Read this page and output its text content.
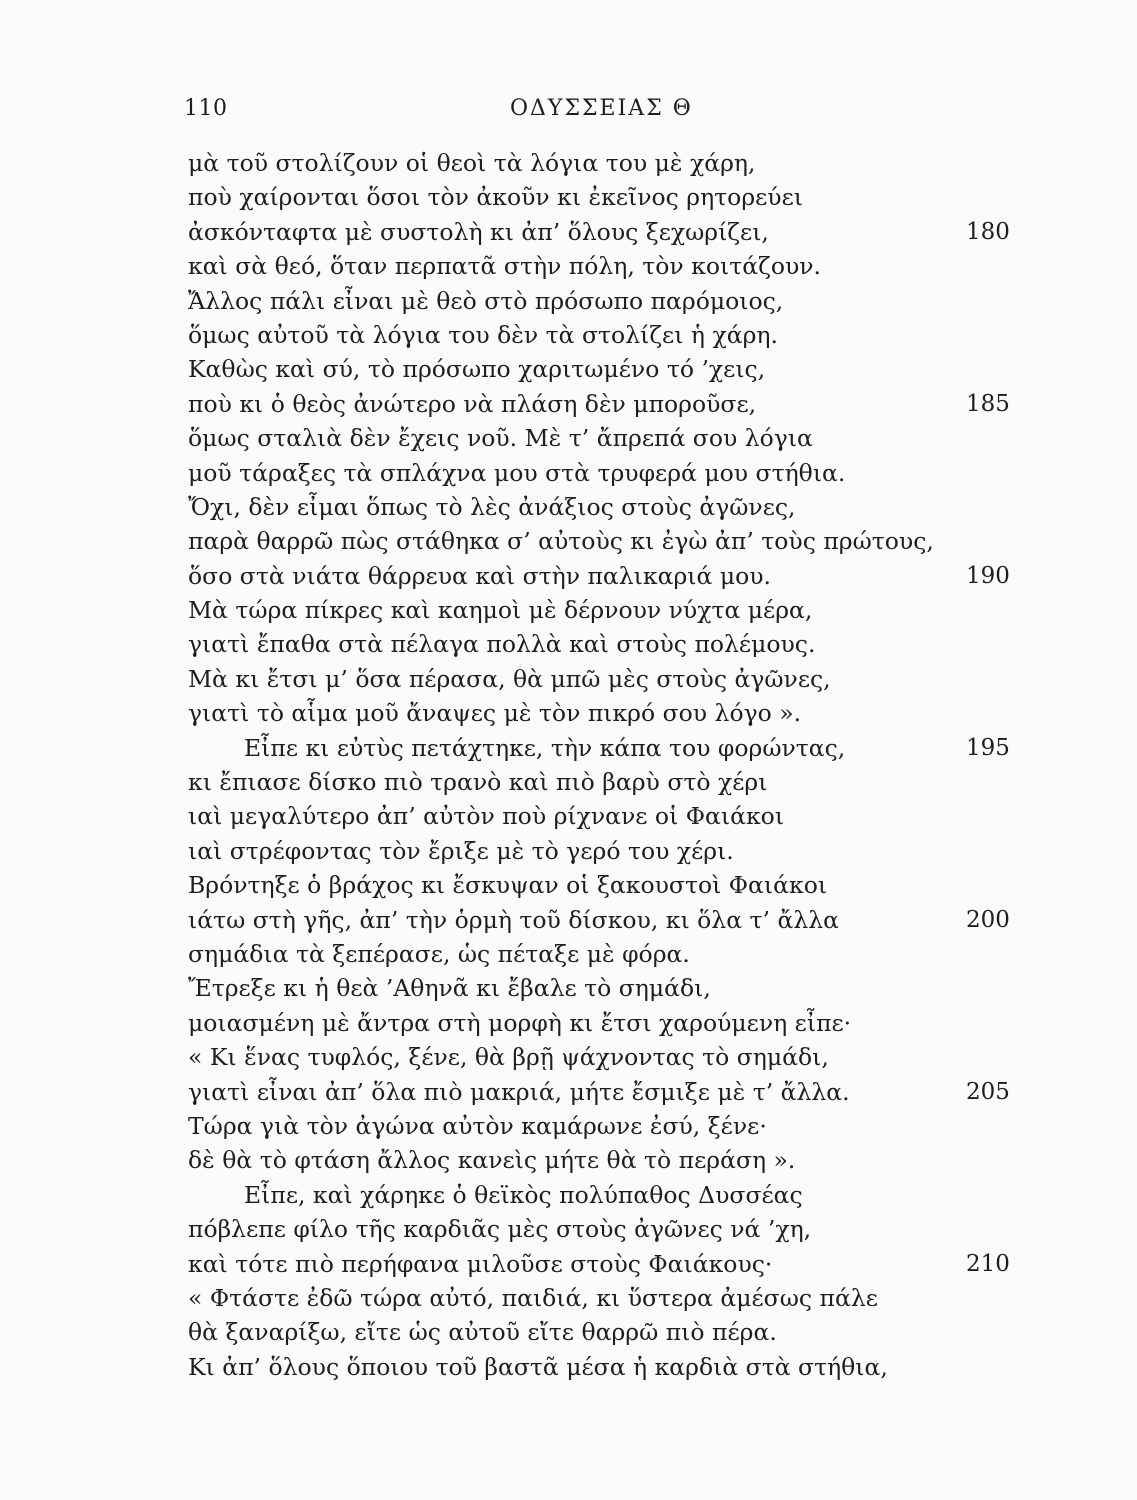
110	ΟΔΥΣΣΕΙΑΣ Θ
μὰ τοῦ στολίζουν οἱ θεοὶ τὰ λόγια του μὲ χάρη,
ποὺ χαίρονται ὅσοι τὸν ἀκοῦν κι ἐκεῖνος ρητορεύει
ἀσκόνταφτα μὲ συστολὴ κι ἀπ’ ὅλους ξεχωρίζει,	180
καὶ σὰ θεό, ὅταν περπατᾶ στὴν πόλη, τὸν κοιτάζουν.
Ἄλλος πάλι εἶναι μὲ θεὸ στὸ πρόσωπο παρόμοιος,
ὅμως αὐτοῦ τὰ λόγια του δὲν τὰ στολίζει ἡ χάρη.
Καθὼς καὶ σύ, τὸ πρόσωπο χαριτωμένο τό ’χεις,
ποὺ κι ὁ θεὸς ἀνώτερο νὰ πλάση δὲν μποροῦσε,	185
ὅμως σταλιὰ δὲν ἔχεις νοῦ. Μὲ τ’ ἄπρεπά σου λόγια
μοῦ τάραξες τὰ σπλάχνα μου στὰ τρυφερά μου στήθια.
Ὄχι, δὲν εἶμαι ὅπως τὸ λὲς ἀνάξιος στοὺς ἀγῶνες,
παρὰ θαρρῶ πὼς στάθηκα σ’ αὐτοὺς κι ἐγὼ ἀπ’ τοὺς πρώτους,
ὅσο στὰ νιάτα θάρρευα καὶ στὴν παλικαριά μου.	190
Μὰ τώρα πίκρες καὶ καημοὶ μὲ δέρνουν νύχτα μέρα,
γιατὶ ἔπαθα στὰ πέλαγα πολλὰ καὶ στοὺς πολέμους.
Μὰ κι ἔτσι μ’ ὅσα πέρασα, θὰ μπῶ μὲς στοὺς ἀγῶνες,
γιατὶ τὸ αἷμα μοῦ ἄναψες μὲ τὸν πικρό σου λόγο ».
Εἶπε κι εὐτὺς πετάχτηκε, τὴν κάπα του φορώντας,	195
κι ἔπιασε δίσκο πιὸ τρανὸ καὶ πιὸ βαρὺ στὸ χέρι
ιαὶ μεγαλύτερο ἀπ’ αὐτὸν ποὺ ρίχνανε οἱ Φαιάκοι
ιαὶ στρέφοντας τὸν ἔριξε μὲ τὸ γερό του χέρι.
Βρόντηξε ὁ βράχος κι ἔσκυψαν οἱ ξακουστοὶ Φαιάκοι
ιάτω στὴ γῆς, ἀπ’ τὴν ὁρμὴ τοῦ δίσκου, κι ὅλα τ’ ἄλλα	200
σημάδια τὰ ξεπέρασε, ὡς πέταξε μὲ φόρα.
Ἔτρεξε κι ἡ θεὰ ’Αθηνᾶ κι ἔβαλε τὸ σημάδι,
μοιασμένη μὲ ἄντρα στὴ μορφὴ κι ἔτσι χαρούμενη εἶπε·
« Κι ἕνας τυφλός, ξένε, θὰ βρῇ ψάχνοντας τὸ σημάδι,
γιατὶ εἶναι ἀπ’ ὅλα πιὸ μακριά, μήτε ἔσμιξε μὲ τ’ ἄλλα.	205
Τώρα γιὰ τὸν ἀγώνα αὐτὸν καμάρωνε ἐσύ, ξένε·
δὲ θὰ τὸ φτάση ἄλλος κανεὶς μήτε θὰ τὸ περάση ».
Εἶπε, καὶ χάρηκε ὁ θεϊκὸς πολύπαθος Δυσσέας
πόβλεπε φίλο τῆς καρδιᾶς μὲς στοὺς ἀγῶνες νά ’χη,
καὶ τότε πιὸ περήφανα μιλοῦσε στοὺς Φαιάκους·	210
« Φτάστε ἐδῶ τώρα αὐτό, παιδιά, κι ὕστερα ἀμέσως πάλε
θὰ ξαναρίξω, εἴτε ὡς αὐτοῦ εἴτε θαρρῶ πιὸ πέρα.
Κι ἀπ’ ὅλους ὅποιου τοῦ βαστᾶ μέσα ἡ καρδιὰ στὰ στήθια,
